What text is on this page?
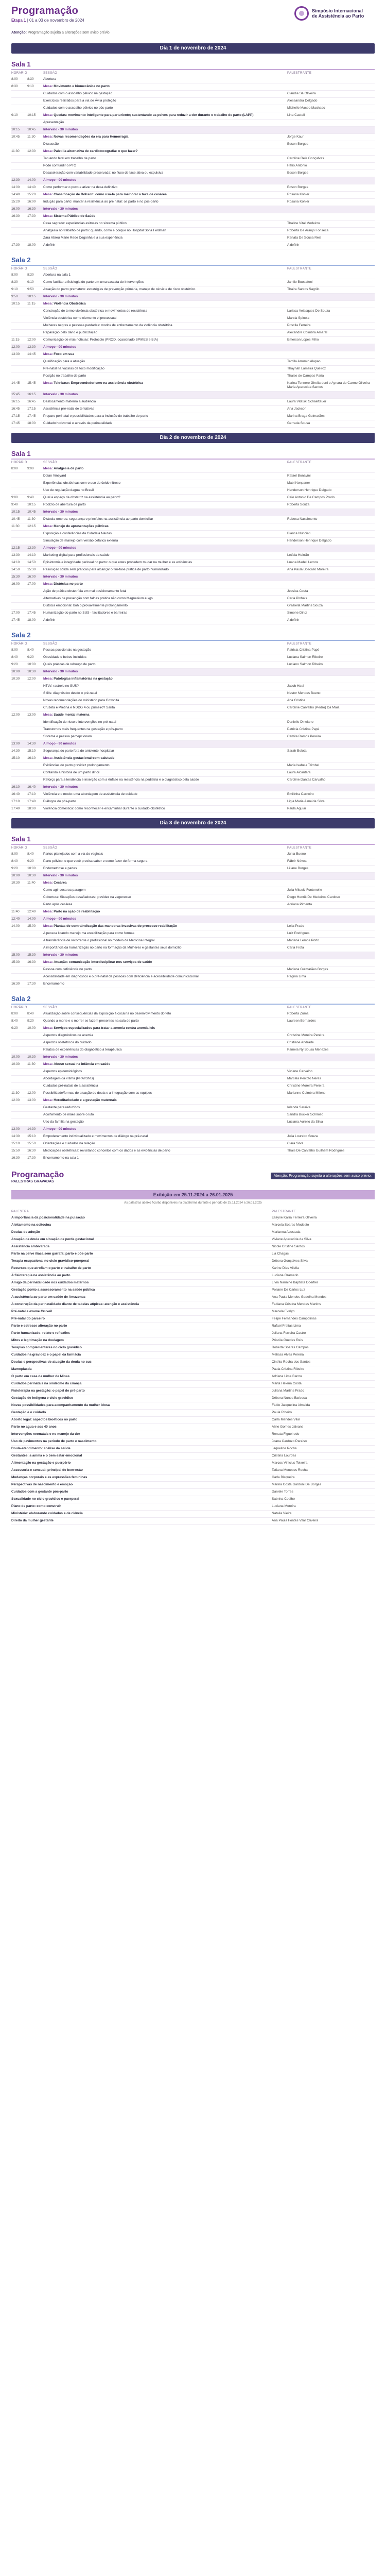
Programação
Etapa 1 | 01 a 03 de novembro de 2024
Simpósio Internacional
de Assistência ao Parto
Atenção: Programação sujeita a alterações sem aviso prévio.
Dia 1 de novembro de 2024
Sala 1
HORÁRIO	SESSÃO	PALESTRANTE
8:00	8:30	Abertura
8:30	9:10	Mesa: Movimento e biomecânica no parto
Cuidados com o assoalho pélvico na gestação	Claudia Sá Oliveira
Exercícios resistidos para a via de Ávila proteção	Alessandra Delgado
Cuidados com o assoalho pélvico no pós-parto	Michelle Maceo Machado
9:10	10:15	Mesa: Quedas: movimento inteligente para parturiente; sustentando as pelves para reduzir a dor durante o trabalho de parto (LAPP)	Lina Castelli
Apresentação
10:15	10:45	Intervalo - 30 minutos
10:45	11:30	Mesa: Novas recomendações da era para Hemorragia	Jorge Kaur
Discussão	Edson Borges
11:30	12:30	Mesa: Paletilia alternativa de cardiotocografia: o que fazer?
Tatuando fetal em trabalho de parto	Caroline Reis Gonçalves
Pode confundir o PTO	Hélio Antonio
Desaceleração com variabilidade preservada: no fluxo de fase ativa ou expulsiva	Edson Borges
12:30	14:00	Almoço - 90 minutos
14:00	14:40	Como performar o puxo e ativar na desa definitivo	Edson Borges
14:40	15:20	Mesa: Classificação de Robson: como usá-la para melhorar a taxa de cesárea	Rosana Kohler
15:20	16:00	Indução para parto: manter a resistência ao pré natal: os parto e no pós-parto	Rosana Kohler
16:00	16:30	Intervalo - 30 minutos
16:30	17:30	Mesa: Sistema Público de Saúde
Casa sagrado: experiências exitosas no sistema público	Thaline Vital Medeiros
Analgesia no trabalho de parto: quando, como e porque no Hospital Sofia Feldman	Roberta De Araujo Fonseca
Zara Abreu Marie Rede Cegonha e a sua experiência	Renata De Sousa Reis
17:30	18:00	A definir	A definir
Sala 2
HORÁRIO	SESSÃO	PALESTRANTE
8:00	8:30	Abertura na sala 1
8:30	9:10	Como facilitar a fisiologia do parto em uma cascata de intervenções	Jamile Buosafeni
9:10	9:50	Atuação do parto prematuro: estratégias de prevenção primária, manejo de cérvix e de risco obstétrico	Thaira Santos Sagrilo
9:50	10:15	Intervalo - 30 minutos
10:15	11:15	Mesa: Violência Obstétrica
Construção de termo violência obstétrica e movimentos de resistência	Larissa Velasquez De Souza
Violência obstétrica como elemento vi processual	Marcia Spinola
Mulheres negras e pessoas pardadas: modos de enfrentamento da violência obstétrica	Priscila Ferreira
Reparação pelo dano e publicização	Alexandre Coimbra Amaral
11:15	12:00	Comunicação de más notícias: Protocolo (PROD, ocasionado SPIKES e BIA)	Emerson Lopes Filho
12:00	13:30	Almoço - 90 minutos
13:30	14:45	Mesa: Foco em sua
Qualificação para a atuação	Tarcila Arrumin Alapao
Pre-natal na vacinas de toxo modificação	Thaynah Lameira Queiroz
Posição no trabalho de parto	Thaise de Campos Faria
14:45	15:45	Mesa: Tele-base: Empreendedorismo na assistência obstétrica	Karina Tonnere Ghellardoni e Aynara do Carmo Oliveira Maria Aparecida Santos
15:45	16:15	Intervalo - 30 minutos
16:15	16:45	Deslocamento materno a audiência	Laura Vitalski Schaeftauer
16:45	17:15	Assistência pré-natal de tentativas	Ana Jackson
17:15	17:45	Preparo perinatal e possibilidades para a inclusão do trabalho de parto	Marina Braga Guimarães
17:45	18:00	Cuidado horizontal e através da perinatalidade	Gerrada Sousa
Dia 2 de novembro de 2024
Sala 1
HORÁRIO	SESSÃO	PALESTRANTE
8:00	9:00	Mesa: Analgesia de parto
Dolan Vineyard	Rafael Bonavini
Experiências obstétricas com o uso do óxido nitroso	Mabi Nenpaner
Uso de regulação dagua no Brasil	Henderson Henrique Delgado
9:00	9:40	Qual a espaço da obstetriz na assistência ao parto?	Caio Antonio De Campos Prado
9:40	10:15	Rodízio de abertura de parto	Roberta Souza
10:15	10:45	Intervalo - 30 minutos
10:45	11:30	Distocia ombros: segurança e princípios na assistência ao parto domiciliar	Rebeca Nascimento
11:30	12:15	Mesa: Manejo de apresentações pélvicas
Exposição e conferências da Cidadela Nautas	Bianca Nunciati
Simulação de manejo com versão cefálica externa	Henderson Henrique Delgado
12:15	13:30	Almoço - 90 minutos
13:30	14:10	Marketing digital para profissionais da saúde	Letícia Heirrão
14:10	14:50	Episiotomia e integridade perineal no parto: o que estes procedem mudar na mulher e as evidências	Luana Madeli Lemos
14:50	15:30	Resolução sólida sem práticas para alcançar o fim-fase prática de parto humanizado	Ana Paula Boscallo Moreira
15:30	16:00	Intervalo - 30 minutos
16:00	17:00	Mesa: Distócias no parto
Ação de prática obstetrícia em mal posicionamento fetal	Jessica Costa
Alternativas de prevenção com falhas prática não como Magnesium e kgs	Carla Pinhais
Distócia emocional: boh o provavelmente prolongamento	Graziella Martins Souza
17:00	17:45	Humanização do parto no SUS - facilitadores e barreiras	Simone Diniz
17:45	18:00	A definir	A definir
Sala 2
HORÁRIO	SESSÃO	PALESTRANTE
8:00	8:40	Pessoa posicionais na gestação	Patricia Cristina Papé
8:40	9:20	Obesidade e bebes incluídos	Luciana Salmon Ribeiro
9:20	10:00	Quais práticas de rebouço de parto	Luciano Salmon Ribeiro
10:00	10:30	Intervalo - 30 minutos
10:30	12:00	Mesa: Patologias inflamatórias na gestação
HTLV: rastreio no SUS?	Jacob Hael
Sífilis: diagnóstico desde o pré-natal	Nestor Mendes Bueno
Novas recomendações do ministério para Coxonita	Ana Cristina
Cruzeta e Pretina e NDDG 4 ou primeiro? Sarita	Caroline Carvalho (Pedro) Da Maia
12:00	13:00	Mesa: Saúde mental materna
Identificação de risco e intervenções no pré-natal	Danielle Dinelane
Transtornos mais frequentes na gestação e pós-parto	Patricia Cristina Papé
Sistema e pessoa percepcionam	Camila Ramos Pereira
13:00	14:30	Almoço - 90 minutos
14:30	15:10	Segurança do parto fora do ambiente hospitalar	Sarah Bolota
15:10	16:10	Mesa: Assistência gestacional-com-salutude
Evidências do parto gravidez prolongamento	Maria Isabela Trimbel
Contando a história de um parto difícil	Laura Alcantara
Reforço para a tendência e inserção com a ênfase na resistência na pediatria e o diagnóstico pela saúde	Caroline Dantas Carvalho
16:10	16:40	Intervalo - 30 minutos
16:40	17:10	Violência e o modo: uma abordagem de assistência de cuidado	Emilinha Carneiro
17:10	17:40	Diálogos do pós-parto	Ligia Maria Almeida Silva
17:40	18:00	Violência doméstica: como reconhecer e encaminhar durante o cuidado obstétrico	Paula Aguiar
Dia 3 de novembro de 2024
Sala 1
HORÁRIO	SESSÃO	PALESTRANTE
8:00	8:40	Partos planejados com a via do vaginais	Júnia Bueno
8:40	9:20	Parto pélvico: o que você precisa saber e como fazer de forma segura	Fábrir Nóvoa
9:20	10:00	Endometriose e partes	Liliane Borges
10:00	10:30	Intervalo - 30 minutos
10:30	11:40	Mesa: Cesárea
Como agir cesarea paragem	Julia Mitsuki Fontenelle
Cobertura: Situações desafiadoras: gravidez na vagenesse	Diego Henrik De Medeiros Cardoso
Parto após cesárea	Adriana Pimenta
11:40	12:40	Mesa: Parto na ação de reabilitação
12:40	14:00	Almoço - 90 minutos
14:00	15:00	Mesa: Plantas de contraindicação das manobras invasivas do processo reabilitação	Leila Prado
A pessoa lidando manejo ma estabilização para como formas	Luiz Rodrigues
A transferência de recorrente o profissional no modelo de Medicina Integral	Mariana Lemos Porto
A importância da humanização no parto na formação da Mulheres e gestantes seus domicílio	Carla Frota
15:00	15:30	Intervalo - 30 minutos
15:30	16:30	Mesa: Atuação: comunicação interdisciplinar nos serviços de saúde
Pessoa com deficiência no parto	Mariana Guimarães Borges
Acessibilidade em diagnóstico e o pré-natal de pessoas com deficiência e acessibilidade comunicacional	Regina Lima
16:30	17:30	Encerramento
Sala 2
HORÁRIO	SESSÃO	PALESTRANTE
8:00	8:40	Atualização sobre consequências da exposição à cocaína no desenvolvimento do feto	Roberta Zuma
8:40	9:20	Quando a morte e o morrer se fazem presentes na sala de parto	Laureen Bernardes
9:20	10:00	Mesa: Serviços especializados para tratar a anemia contra anemia leis
Aspectos diagnósticos de anemia	Christine Moreira Pereira
Aspectos obstétricos do cuidado	Cristiane Andrade
Relatos de experiências do diagnóstico à terapêutica	Pamela Ny Sousa Menezes
10:00	10:30	Intervalo - 30 minutos
10:30	11:30	Mesa: Abuso sexual na infância em saúde
Aspectos epidemiológicos	Viviane Carvalho
Abordagem da vítima (PRAI/SNS)	Marcela Peixoto Neres
Cuidados pré-natais de a assistência	Christine Moreira Pereira
11:30	12:00	Possibilidade/formas de atuação do doula e a integração com as equipes	Marianne Coimbra Milene
12:00	13:00	Mesa: Hereditariedade e a gestação maternais
Gestante para reduzidos	Iolanda Saraiva
Acolhimento de mães sobre o luto	Sandra Bucker Schmied
Uso da família na gestação	Luciana Aurelio da Silva
13:00	14:30	Almoço - 90 minutos
14:30	15:10	Empoderamento individualizado e movimentos de diálogo na pré-natal	Júlia Loureiro Souza
15:10	15:50	Orientações e cuidados na relação	Clara Silva
15:50	16:30	Medicações obstétricas: revisitando conceitos com os dados e as evidências de parto	Thais De Carvalho Guilhem Rodrigues
16:30	17:30	Encerramento na sala 1
Programação
PALESTRAS GRAVADAS
Atenção: Programação sujeita a alterações sem aviso prévio.
Exibição em 25.11.2024 a 26.01.2025
As palestras abaixo ficarão disponíveis na plataforma durante o período de 25.11.2024 a 26.01.2025
PALESTRA	PALESTRANTE
A importância da posicionalidade na pulsação	Ellayne Kallia Ferreira Oliveira
Aleitamento na ocitocina	Marcela Soares Modesto
Doulas de adoção	Marianna Acustada
Atuação da doula em situação de perda gestacional	Viviane Aparecida da Silva
Assistência ambivarada	Nicole Cristine Santos
Parto na pelve ilíaca sem garrafa; parto e pós-parto	Lia Chagas
Terapia ocupacional no ciclo gravidico-puerperal	Débora Gonçalves Silva
Recursos que atrofiam o parto e trabalho de parto	Karine Dias Vilella
A fisioterapia na assistência ao parto	Luciana Gramarin
Amigo da perinatalidade nos cuidados maternos	Lívia Nannine Baptista Doerfier
Gestação ponto a assessoramento na saúde pública	Poliane De Carlos Luz
A assistência ao parto em saúde de Amazonas	Ana Paula Mendes Gadelha Mendes
A construção da perinatalidade diante de tabelas atípicas: atenção e assistência	Fabiana Cristina Mendes Martins
Pré-natal e exame Cruveil	Marcela Evelyn
Pré-natal do parceiro	Felipe Fernandes Campolinas
Parto e estresse alteração no parto	Rafael Freitas Lima
Parto humanizado: relato e reflexões	Juliana Ferreira Castro
Mitos e legitimação na doulagem	Priscila Guedes Reis
Terapias complementares no ciclo gravidico	Roberta Soares Campos
Cuidados na gravidez e o papel da farmácia	Melissa Alves Pereira
Doulas e perspectivas de atuação da doula no sus	Cinthia Rocha dos Santos
Mamoplastia	Paula Cristina Ribeiro
O parto em casa da mulher de Minas	Adriana Lima Barros
Cuidados perinatais na sindrome da criança	Marta Helena Costa
Fisioterapia na gestação: o papel do pré-parto	Juliana Martins Prado
Gestação de indígena e ciclo gravidico	Débora Nunes Barbosa
Novas possibilidades para acompanhamento da mulher idosa	Fábio Jacquelina Almeida
Gestação e o cuidado	Paula Ribeiro
Aborto legal: aspectos bioéticos no parto	Carla Mendes Vilar
Parto no agua e aos 40 anos	Aline Gomes Jalvane
Intervenções neonatais e no manejo da dor	Renata Figueiredo
Uso de pavimentos na periodo de parto e nascimento	Joana Cardozo Paraiso
Doula-atendimento: análise da saúde	Jaqueline Rocha
Gestantes: a anima e o bem estar emocional	Cristina Lourdes
Alimentação na gestação e puerpério	Marcos Vinicius Teixeira
Assessoria e sensual: principal de bem-estar	Tatiana Meneses Rocha
Mudanças corporais e as expressões femininas	Carla Bisqueira
Perspectivas de nascimento e emoção	Marina Costa Gardoni De Borges
Cuidados com a gestante pós-parto	Daniele Torres
Sexualidade no ciclo gravidico e puerperal	Sabrina Coelho
Plano de parto: como construir	Luciana Moreira
Ministério: elaborando cuidados e de ciência	Natalia Vieira
Direito da mulher gestante	Ana Paula Fontes Vilar Oliveira
